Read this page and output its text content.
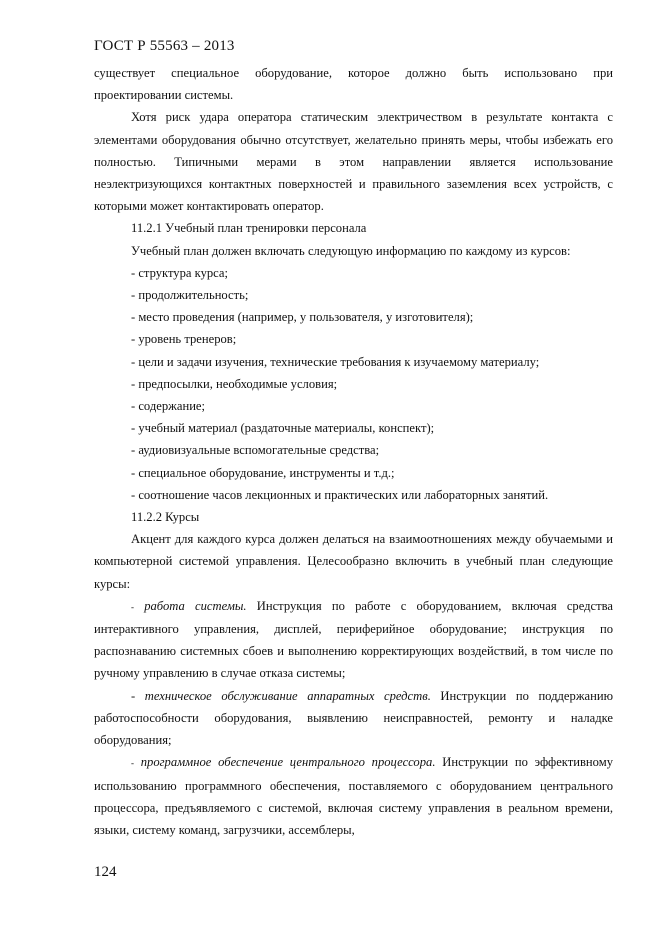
ГОСТ Р 55563 – 2013

существует специальное оборудование, которое должно быть использовано при проектировании системы.

Хотя риск удара оператора статическим электричеством в результате контакта с элементами оборудования обычно отсутствует, желательно принять меры, чтобы избежать его полностью. Типичными мерами в этом направлении является использование неэлектризующихся контактных поверхностей и правильного заземления всех устройств, с которыми может контактировать оператор.

11.2.1 Учебный план тренировки персонала

Учебный план должен включать следующую информацию по каждому из курсов:

- структура курса;

- продолжительность;

- место проведения (например, у пользователя, у изготовителя);

- уровень тренеров;

- цели и задачи изучения, технические требования к изучаемому материалу;

- предпосылки, необходимые условия;

- содержание;

- учебный материал (раздаточные материалы, конспект);

- аудиовизуальные вспомогательные средства;

- специальное оборудование, инструменты и т.д.;

- соотношение часов лекционных и практических или лабораторных занятий.

11.2.2 Курсы

Акцент для каждого курса должен делаться на взаимоотношениях между обучаемыми и компьютерной системой управления. Целесообразно включить в учебный план следующие курсы:

- работа системы. Инструкция по работе с оборудованием, включая средства интерактивного управления, дисплей, периферийное оборудование; инструкция по распознаванию системных сбоев и выполнению корректирующих воздействий, в том числе по ручному управлению в случае отказа системы;

- техническое обслуживание аппаратных средств. Инструкции по поддержанию работоспособности оборудования, выявлению неисправностей, ремонту и наладке оборудования;

- программное обеспечение центрального процессора. Инструкции по эффективному использованию программного обеспечения, поставляемого с оборудованием центрального процессора, предъявляемого с системой, включая систему управления в реальном времени, языки, систему команд, загрузчики, ассемблеры,

124
